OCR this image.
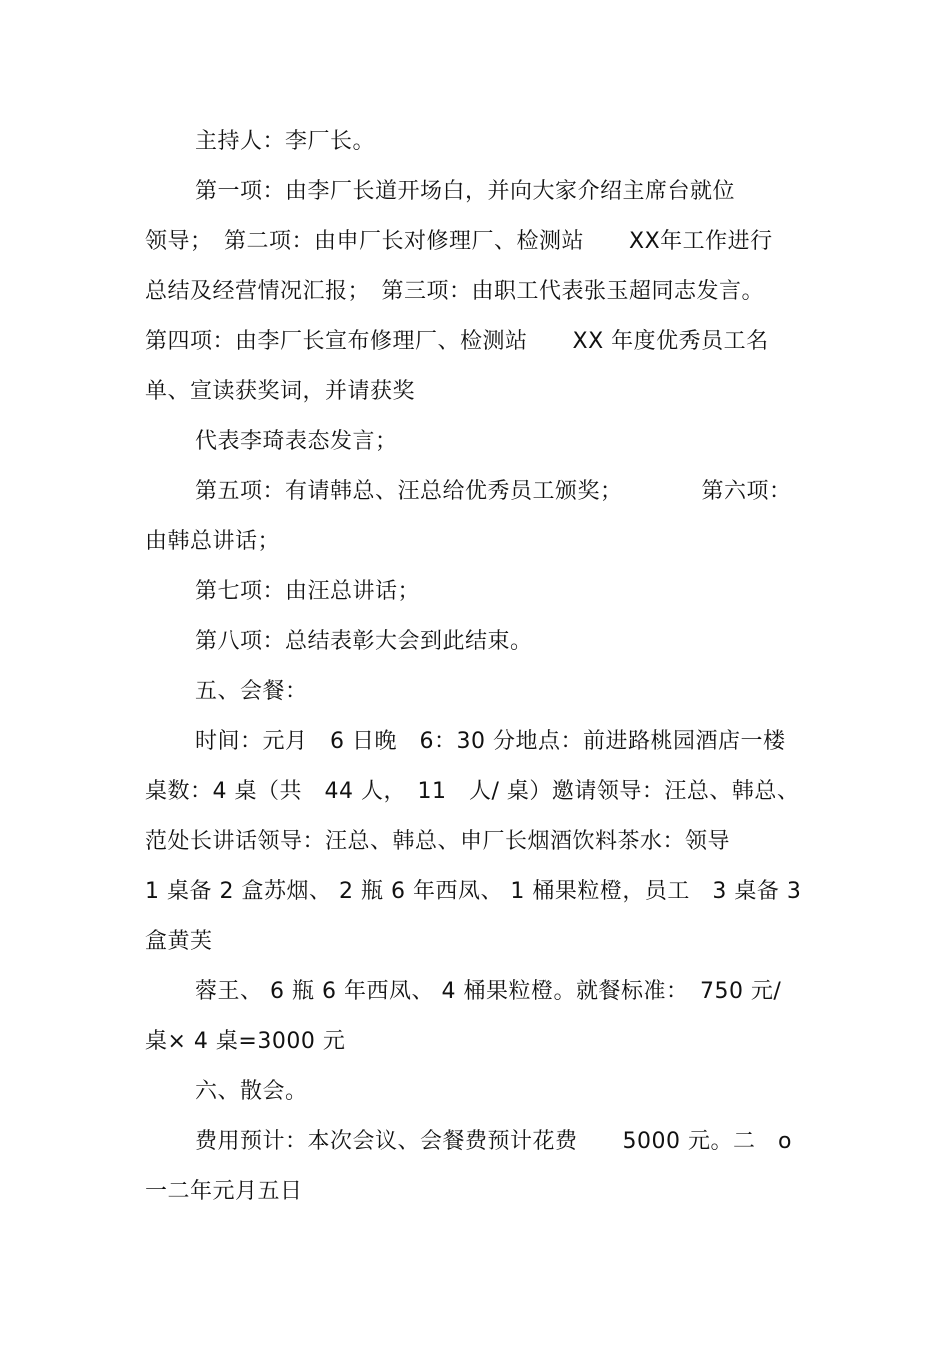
主持人：李厂长。
第一项：由李厂长道开场白，并向大家介绍主席台就位
领导；　第二项：由申厂长对修理厂、检测站　　XX年工作进行
总结及经营情况汇报；　第三项：由职工代表张玉超同志发言。
第四项：由李厂长宣布修理厂、检测站　　XX 年度优秀员工名
单、宣读获奖词，并请获奖
代表李琦表态发言；
第五项：有请韩总、汪总给优秀员工颁奖；　　　　第六项：
由韩总讲话；
第七项：由汪总讲话；
第八项：总结表彰大会到此结束。
五、会餐：
时间：元月　6 日晚　6：30 分地点：前进路桃园酒店一楼
桌数：4 桌（共　44 人，　11　人/ 桌）邀请领导：汪总、韩总、
范处长讲话领导：汪总、韩总、申厂长烟酒饮料茶水：领导
1 桌备 2 盒苏烟、 2 瓶 6 年西凤、 1 桶果粒橙，员工　3 桌备 3
盒黄芙
蓉王、 6 瓶 6 年西凤、 4 桶果粒橙。就餐标准：　750 元/
桌× 4 桌=3000 元
六、散会。
费用预计：本次会议、会餐费预计花费　　5000 元。二　o
一二年元月五日
